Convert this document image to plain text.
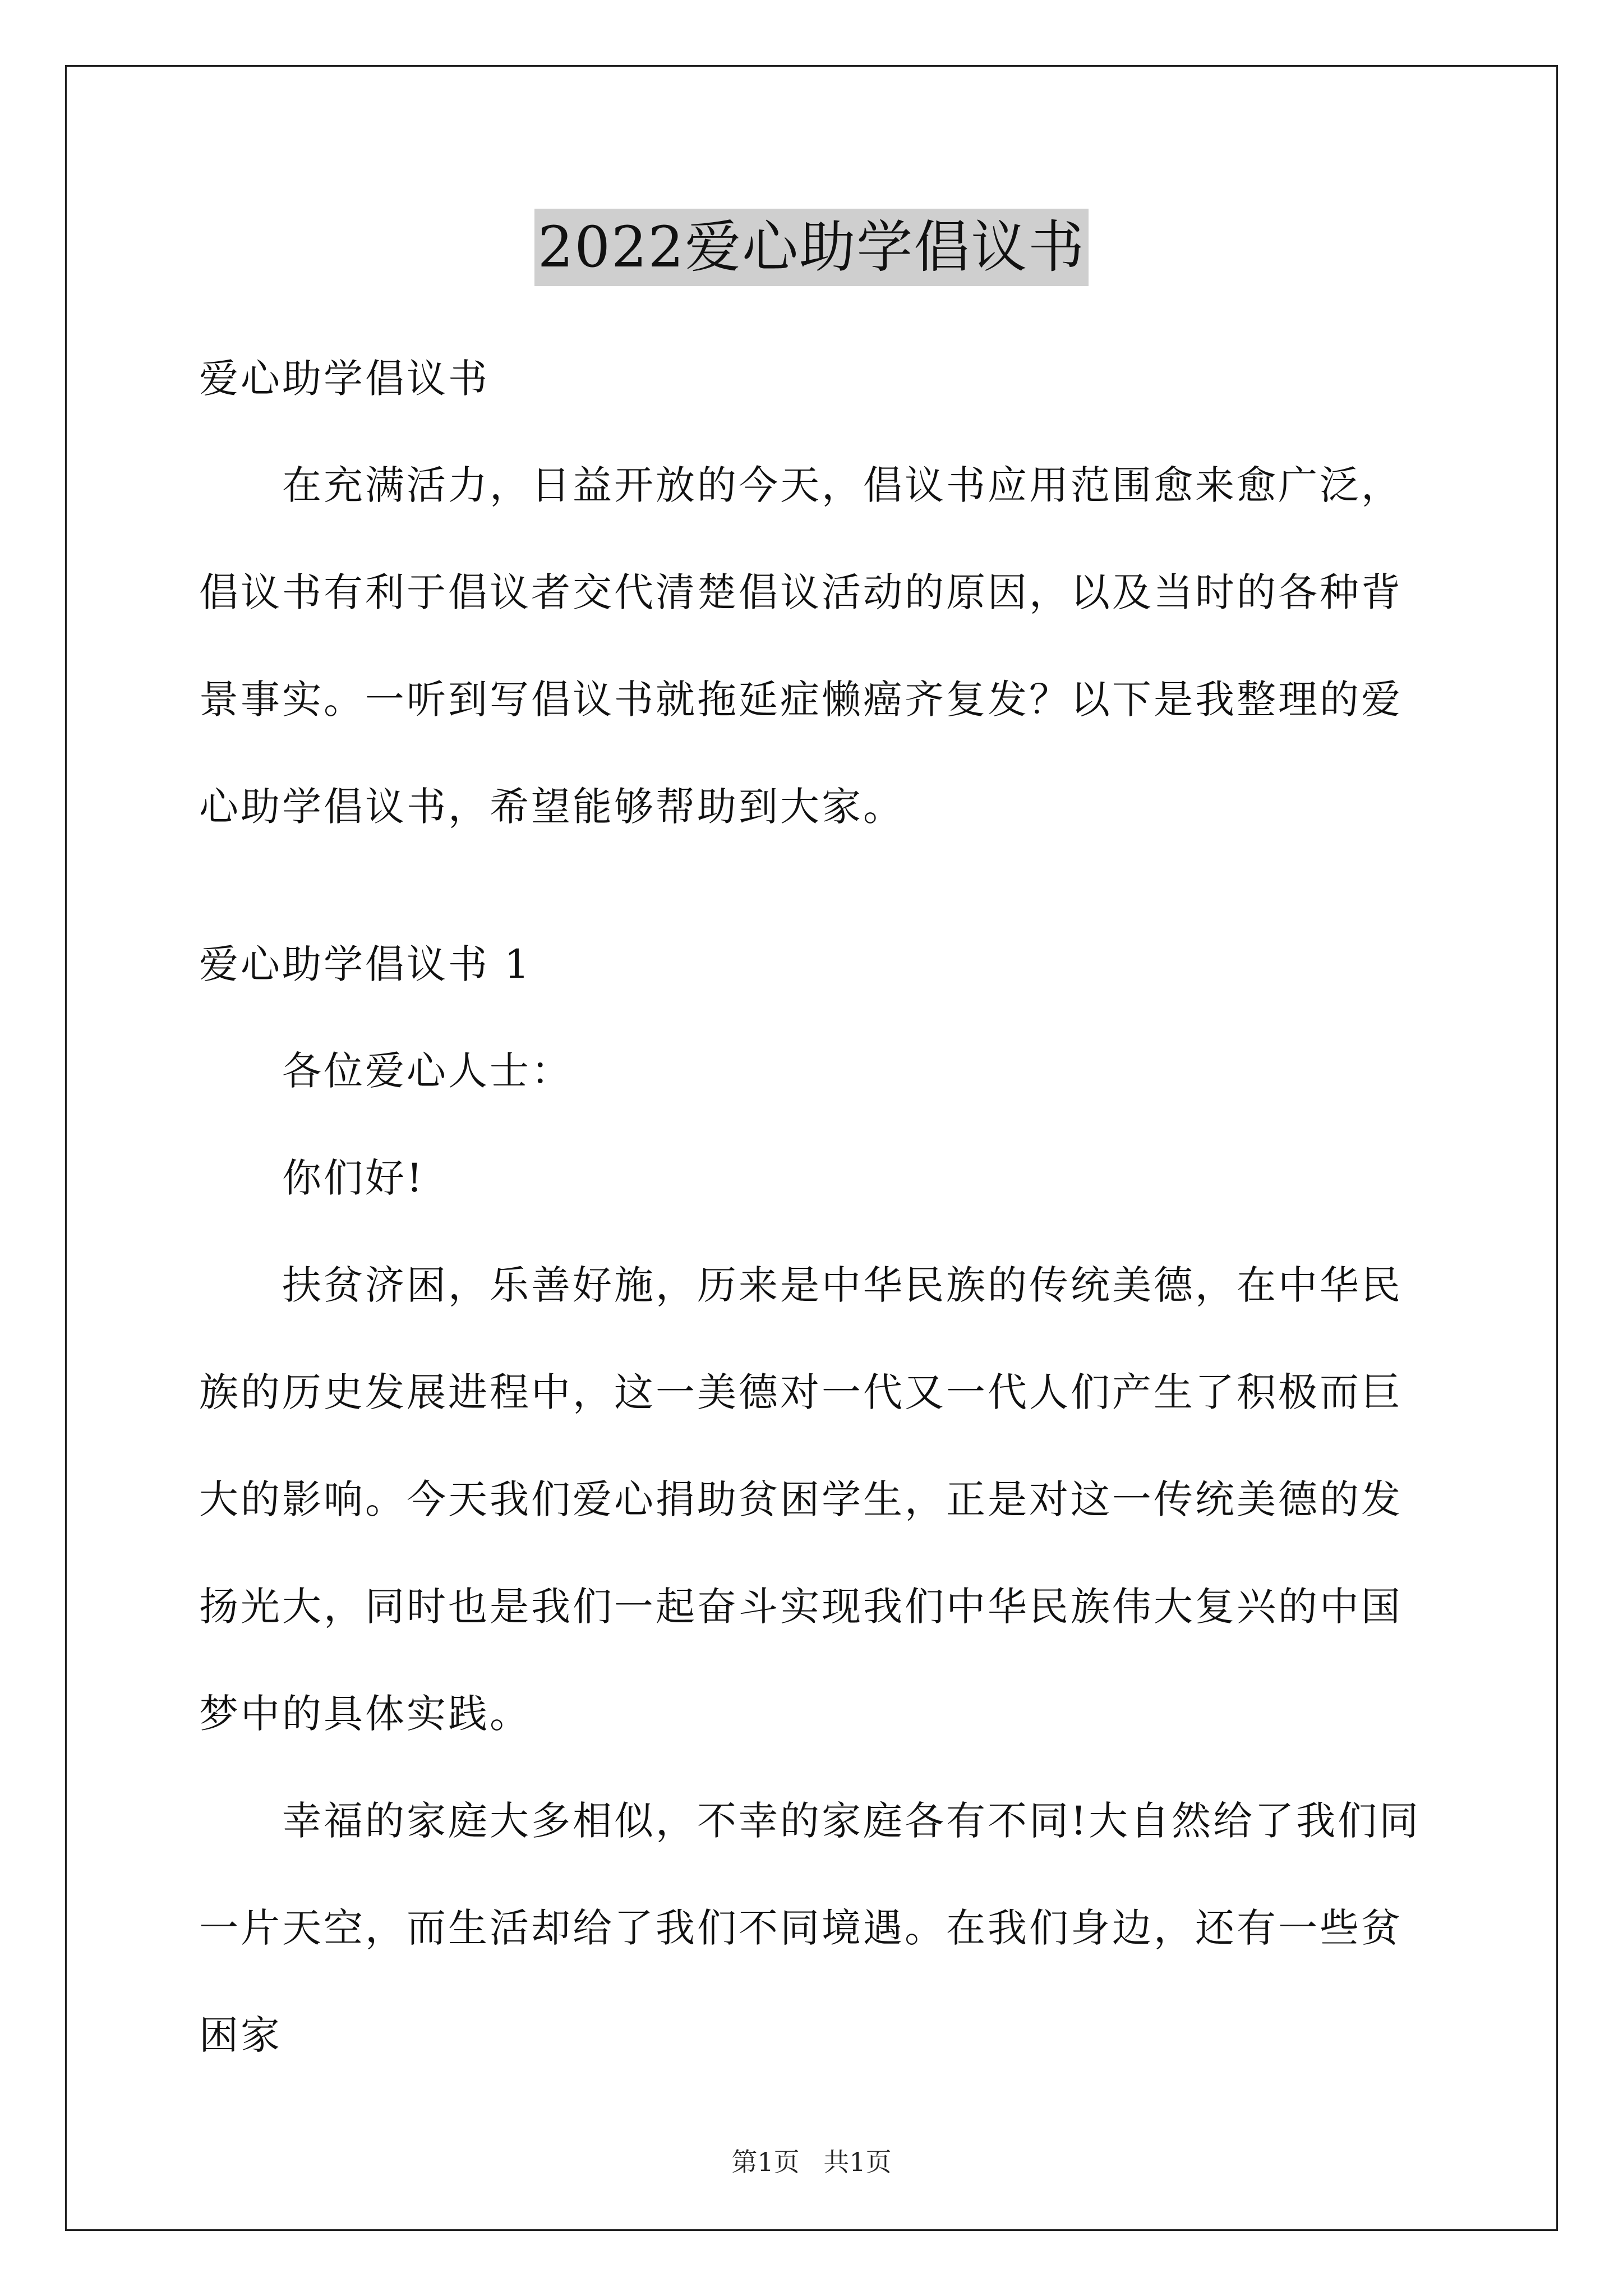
2022爱心助学倡议书

爱心助学倡议书

在充满活力，日益开放的今天，倡议书应用范围愈来愈广泛，倡议书有利于倡议者交代清楚倡议活动的原因，以及当时的各种背景事实。一听到写倡议书就拖延症懒癌齐复发？以下是我整理的爱心助学倡议书，希望能够帮助到大家。

爱心助学倡议书 1

各位爱心人士：

你们好!

扶贫济困，乐善好施，历来是中华民族的传统美德，在中华民族的历史发展进程中，这一美德对一代又一代人们产生了积极而巨大的影响。今天我们爱心捐助贫困学生，正是对这一传统美德的发扬光大，同时也是我们一起奋斗实现我们中华民族伟大复兴的中国梦中的具体实践。

幸福的家庭大多相似，不幸的家庭各有不同!大自然给了我们同一片天空，而生活却给了我们不同境遇。在我们身边，还有一些贫困家

第1页 共1页
